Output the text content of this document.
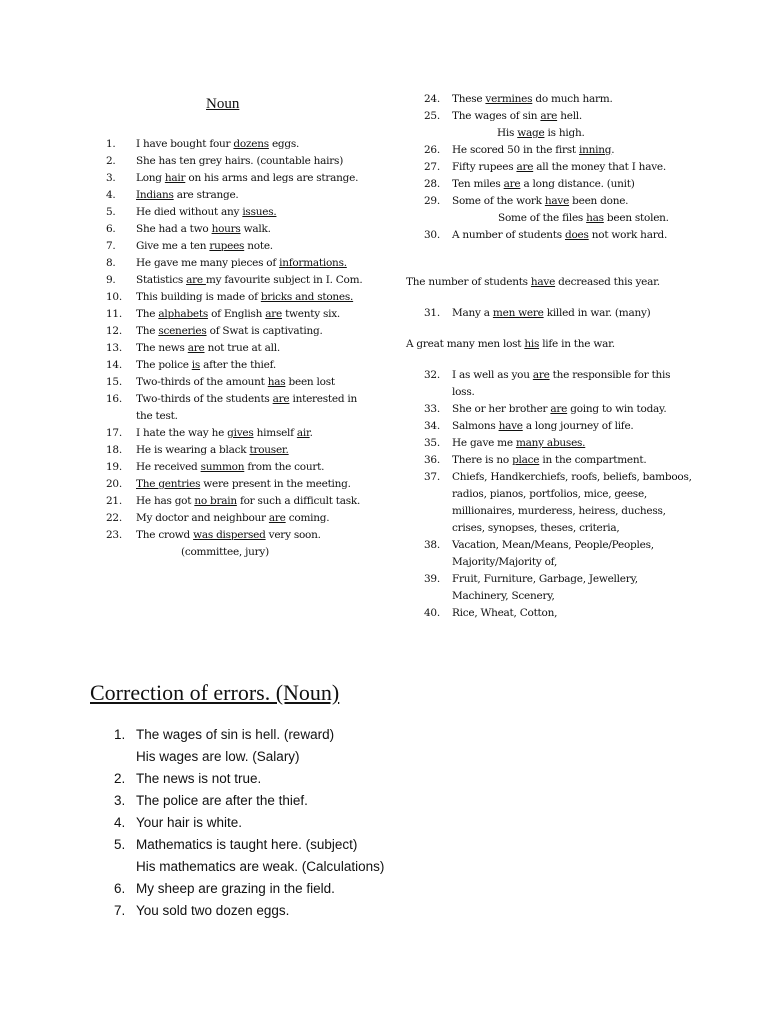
Noun
1.	I have bought four dozens eggs.
2.	She has ten grey hairs. (countable hairs)
3.	Long hair on his arms and legs are strange.
4.	Indians are strange.
5.	He died without any issues.
6.	She had a two hours walk.
7.	Give me a ten rupees note.
8.	He gave me many pieces of informations.
9.	Statistics are my favourite subject in I. Com.
10.	This building is made of bricks and stones.
11.	The alphabets of English are twenty six.
12.	The sceneries of Swat is captivating.
13.	The news are not true at all.
14.	The police is after the thief.
15.	Two-thirds of the amount has been lost
16.	Two-thirds of the students are interested in the test.
17.	I hate the way he gives himself air.
18.	He is wearing a black trouser.
19.	He received summon from the court.
20.	The gentries were present in the meeting.
21.	He has got no brain for such a difficult task.
22.	My doctor and neighbour are coming.
23.	The crowd was dispersed very soon.
(committee, jury)
24.	These vermines do much harm.
25.	The wages of sin are hell.
His wage is high.
26.	He scored 50 in the first inning.
27.	Fifty rupees are all the money that I have.
28.	Ten miles are a long distance. (unit)
29.	Some of the work have been done.
Some of the files has been stolen.
30.	A number of students does not work hard.
The number of students have decreased this year.
31.	Many a men were killed in war. (many)
A great many men lost his life in the war.
32.	I as well as you are the responsible for this loss.
33.	She or her brother are going to win today.
34.	Salmons have a long journey of life.
35.	He gave me many abuses.
36.	There is no place in the compartment.
37.	Chiefs, Handkerchiefs, roofs, beliefs, bamboos, radios, pianos, portfolios, mice, geese, millionaires, murderess, heiress, duchess, crises, synopses, theses, criteria,
38.	Vacation, Mean/Means, People/Peoples, Majority/Majority of,
39.	Fruit, Furniture, Garbage, Jewellery, Machinery, Scenery,
40.	Rice, Wheat, Cotton,
Correction of errors. (Noun)
1. The wages of sin is hell. (reward)
His wages are low. (Salary)
2. The news is not true.
3. The police are after the thief.
4. Your hair is white.
5. Mathematics is taught here. (subject)
His mathematics are weak. (Calculations)
6. My sheep are grazing in the field.
7. You sold two dozen eggs.
